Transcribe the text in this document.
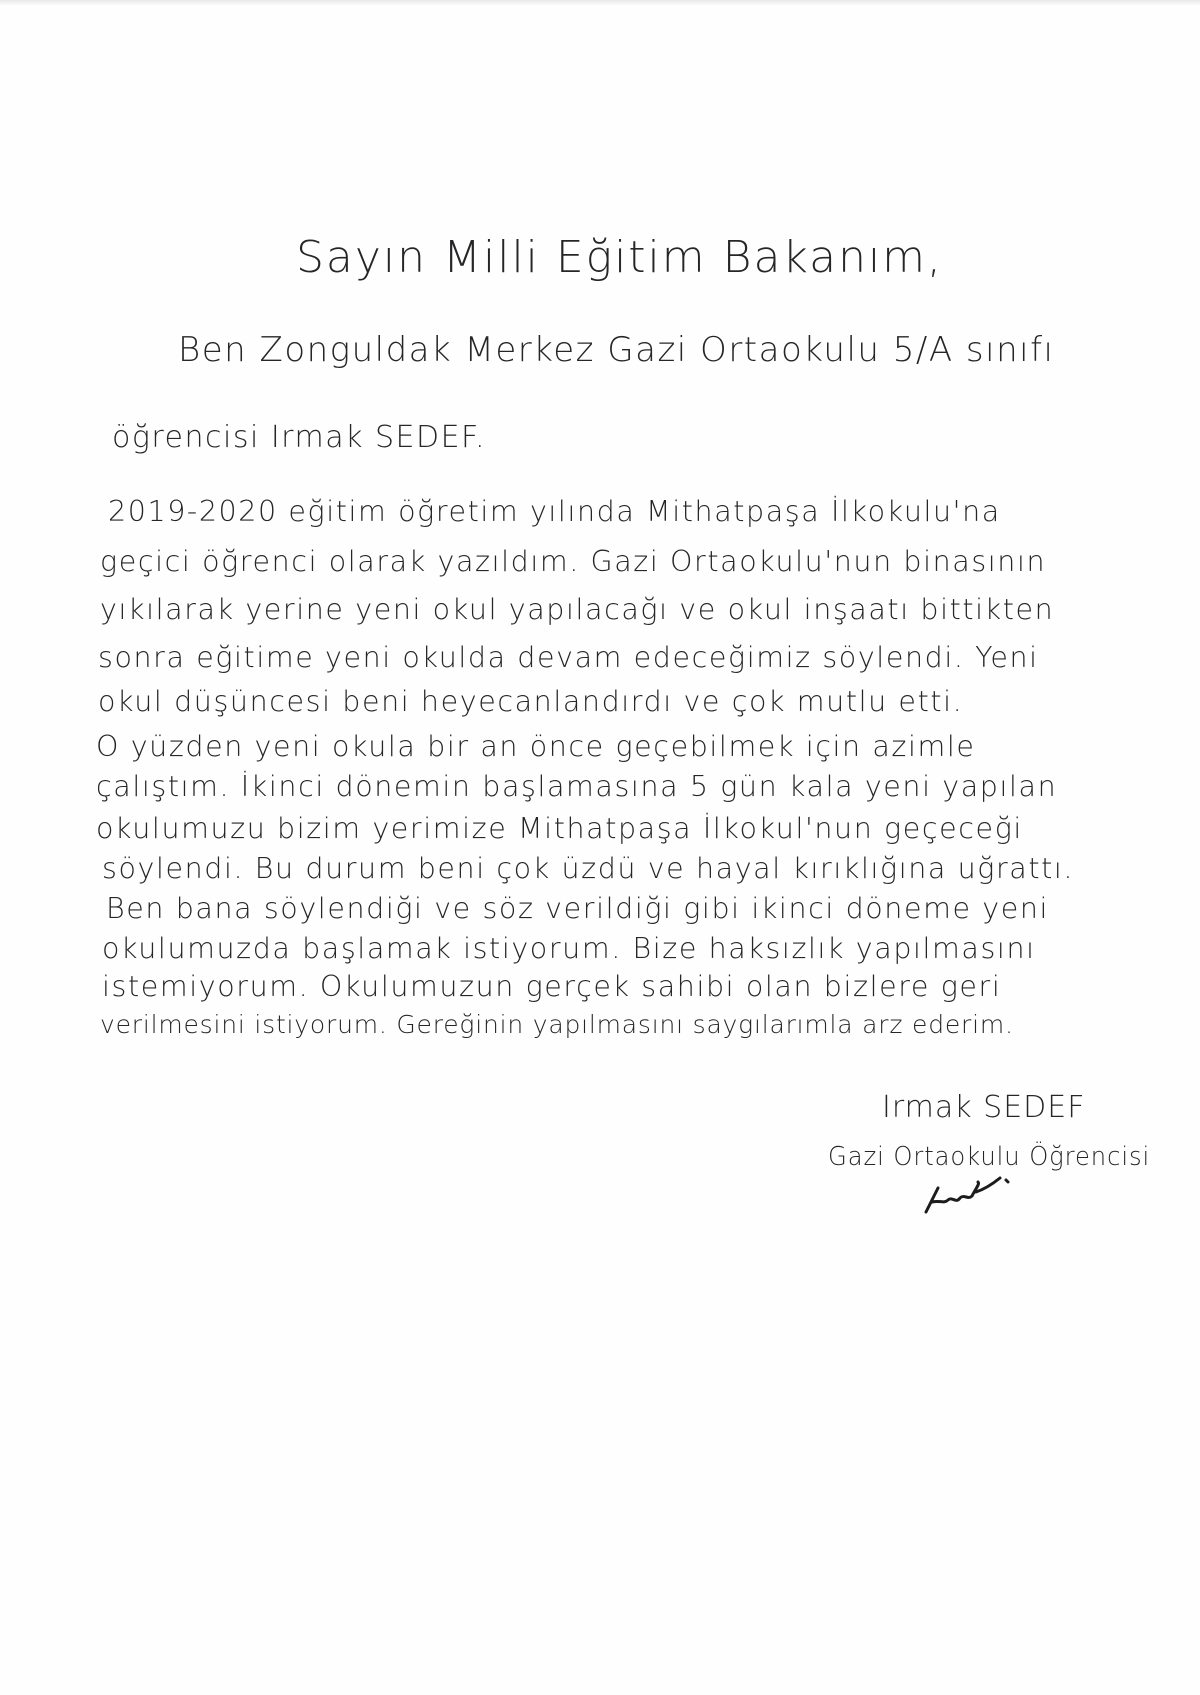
Sayın Milli Eğitim Bakanım,
Ben Zonguldak Merkez Gazi Ortaokulu 5/A sınıfı
öğrencisi Irmak SEDEF.
2019-2020 eğitim öğretim yılında Mithatpaşa İlkokulu'na
geçici öğrenci olarak yazıldım. Gazi Ortaokulu'nun binasının
yıkılarak yerine yeni okul yapılacağı ve okul inşaatı bittikten
sonra eğitime yeni okulda devam edeceğimiz söylendi. Yeni
okul düşüncesi beni heyecanlandırdı ve çok mutlu etti.
O yüzden yeni okula bir an önce geçebilmek için azimle
çalıştım. İkinci dönemin başlamasına 5 gün kala yeni yapılan
okulumuzu bizim yerimize Mithatpaşa İlkokul'nun geçeceği
söylendi. Bu durum beni çok üzdü ve hayal kırıklığına uğrattı.
Ben bana söylendiği ve söz verildiği gibi ikinci döneme yeni
okulumuzda başlamak istiyorum. Bize haksızlık yapılmasını
istemiyorum. Okulumuzun gerçek sahibi olan bizlere geri
verilmesini istiyorum. Gereğinin yapılmasını saygılarımla arz ederim.
Irmak SEDEF
Gazi Ortaokulu Öğrencisi
